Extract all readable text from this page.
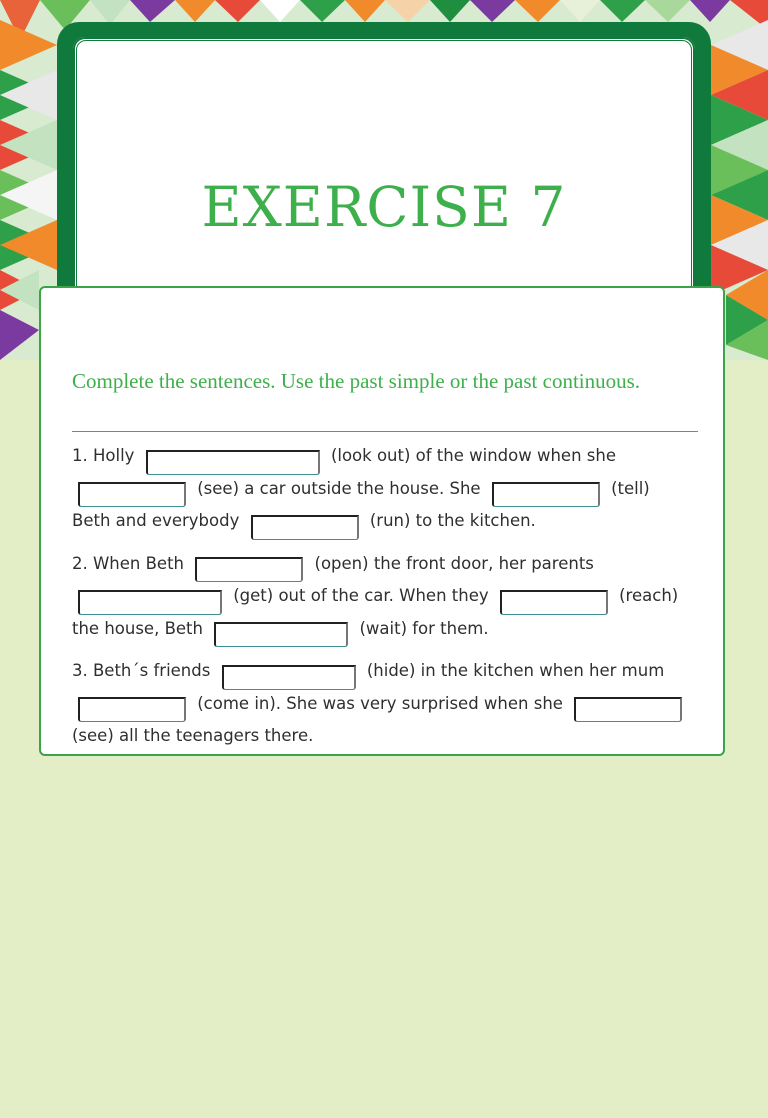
EXERCISE 7

Complete the sentences. Use the past simple or the past continuous.

1. Holly	(look out) of the window when she  (see) a car outside the house. She	(tell) Beth and everybody	(run) to the kitchen.

2. When Beth	(open) the front door, her parents  (get) out of the car. When they	(reach) the house, Beth	(wait) for them.

3. Beth´s friends	(hide) in the kitchen when her mum  (come in). She was very surprised when she  (see) all the teenagers there.
